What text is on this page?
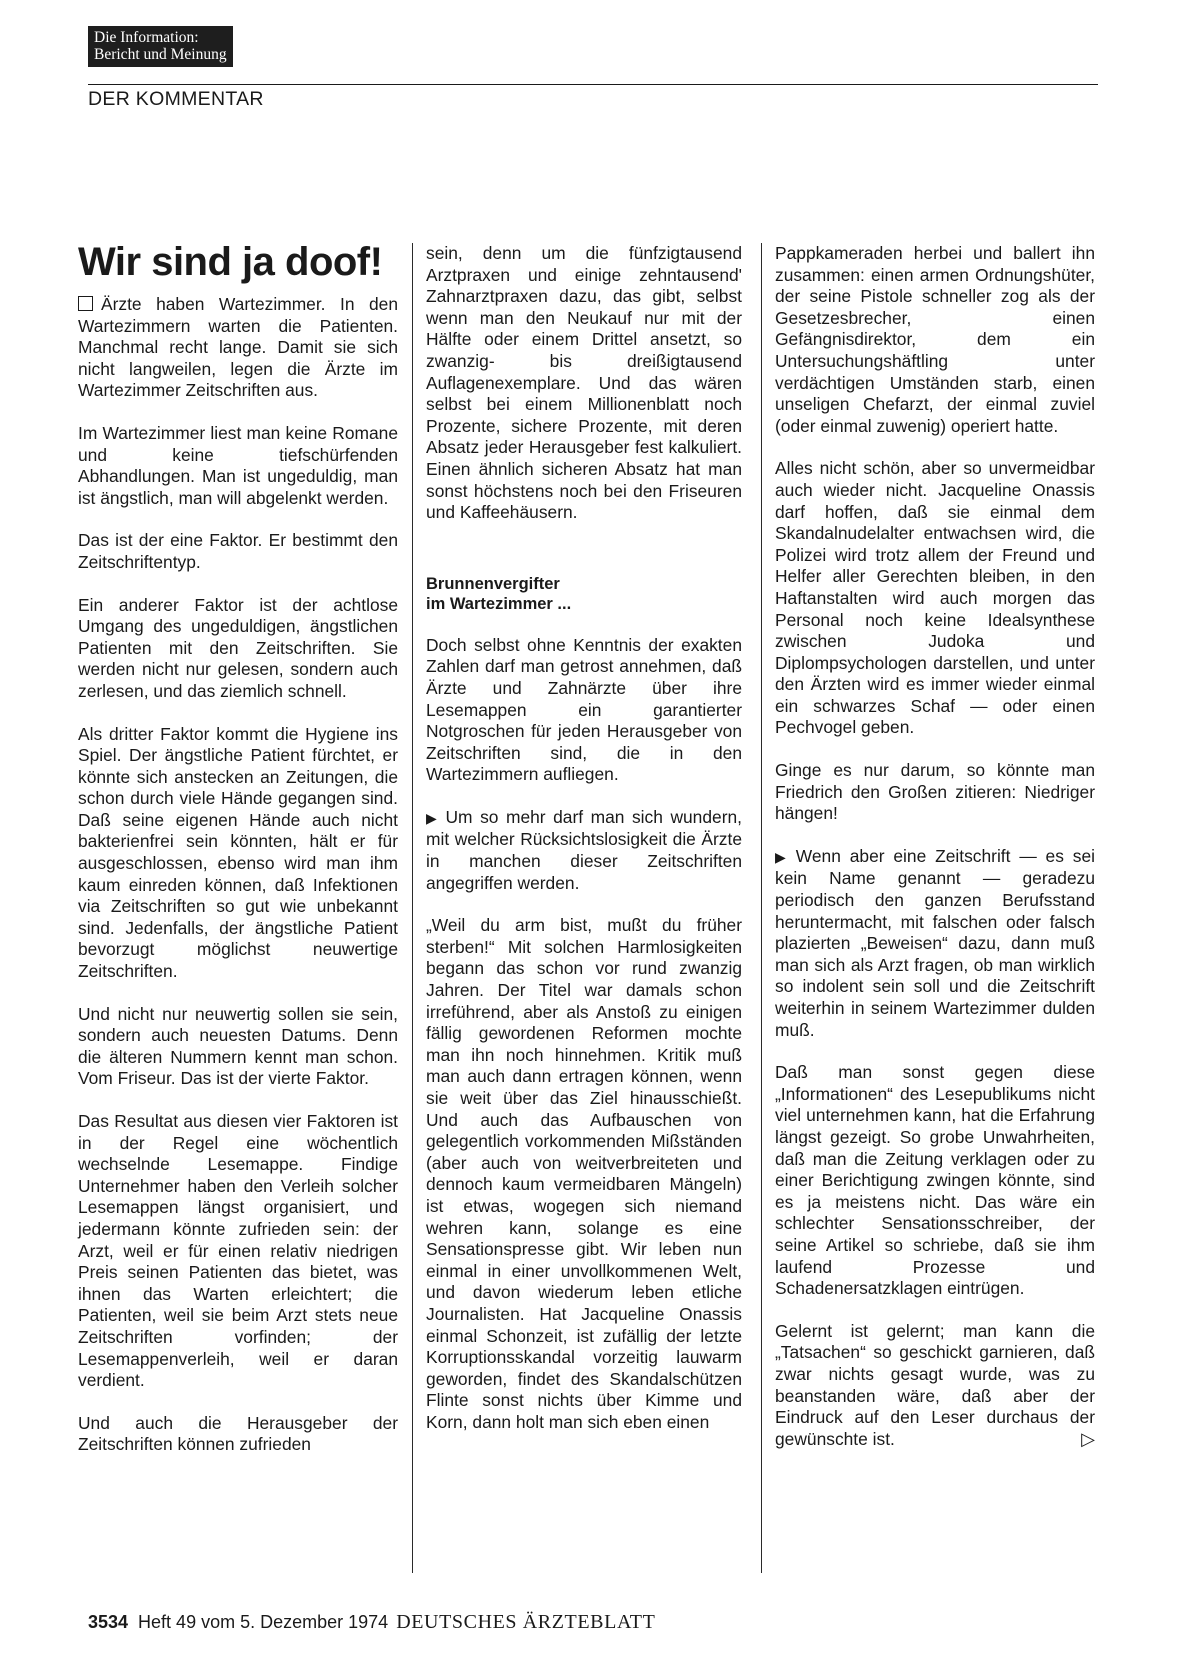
Die Information:
Bericht und Meinung
DER KOMMENTAR
Wir sind ja doof!

Ärzte haben Wartezimmer. In den Wartezimmern warten die Patienten. Manchmal recht lange. Damit sie sich nicht langweilen, legen die Ärzte im Wartezimmer Zeitschriften aus.

Im Wartezimmer liest man keine Romane und keine tiefschürfenden Abhandlungen. Man ist ungeduldig, man ist ängstlich, man will abgelenkt werden.

Das ist der eine Faktor. Er bestimmt den Zeitschriftentyp.

Ein anderer Faktor ist der achtlose Umgang des ungeduldigen, ängstlichen Patienten mit den Zeitschriften. Sie werden nicht nur gelesen, sondern auch zerlesen, und das ziemlich schnell.

Als dritter Faktor kommt die Hygiene ins Spiel. Der ängstliche Patient fürchtet, er könnte sich anstecken an Zeitungen, die schon durch viele Hände gegangen sind. Daß seine eigenen Hände auch nicht bakterienfrei sein könnten, hält er für ausgeschlossen, ebenso wird man ihm kaum einreden können, daß Infektionen via Zeitschriften so gut wie unbekannt sind. Jedenfalls, der ängstliche Patient bevorzugt möglichst neuwertige Zeitschriften.

Und nicht nur neuwertig sollen sie sein, sondern auch neuesten Datums. Denn die älteren Nummern kennt man schon. Vom Friseur. Das ist der vierte Faktor.

Das Resultat aus diesen vier Faktoren ist in der Regel eine wöchentlich wechselnde Lesemappe. Findige Unternehmer haben den Verleih solcher Lesemappen längst organisiert, und jedermann könnte zufrieden sein: der Arzt, weil er für einen relativ niedrigen Preis seinen Patienten das bietet, was ihnen das Warten erleichtert; die Patienten, weil sie beim Arzt stets neue Zeitschriften vorfinden; der Lesemappenverleih, weil er daran verdient.

Und auch die Herausgeber der Zeitschriften können zufrieden

sein, denn um die fünfzigtausend Arztpraxen und einige zehntausend' Zahnarztpraxen dazu, das gibt, selbst wenn man den Neukauf nur mit der Hälfte oder einem Drittel ansetzt, so zwanzig- bis dreißigtausend Auflagenexemplare. Und das wären selbst bei einem Millionenblatt noch Prozente, sichere Prozente, mit deren Absatz jeder Herausgeber fest kalkuliert. Einen ähnlich sicheren Absatz hat man sonst höchstens noch bei den Friseuren und Kaffeehäusern.

Brunnenvergifter
im Wartezimmer ...

Doch selbst ohne Kenntnis der exakten Zahlen darf man getrost annehmen, daß Ärzte und Zahnärzte über ihre Lesemappen ein garantierter Notgroschen für jeden Herausgeber von Zeitschriften sind, die in den Wartezimmern aufliegen.

▶ Um so mehr darf man sich wundern, mit welcher Rücksichtslosigkeit die Ärzte in manchen dieser Zeitschriften angegriffen werden.

„Weil du arm bist, mußt du früher sterben!“ Mit solchen Harmlosigkeiten begann das schon vor rund zwanzig Jahren. Der Titel war damals schon irreführend, aber als Anstoß zu einigen fällig gewordenen Reformen mochte man ihn noch hinnehmen. Kritik muß man auch dann ertragen können, wenn sie weit über das Ziel hinausschießt. Und auch das Aufbauschen von gelegentlich vorkommenden Mißständen (aber auch von weitverbreiteten und dennoch kaum vermeidbaren Mängeln) ist etwas, wogegen sich niemand wehren kann, solange es eine Sensationspresse gibt. Wir leben nun einmal in einer unvollkommenen Welt, und davon wiederum leben etliche Journalisten. Hat Jacqueline Onassis einmal Schonzeit, ist zufällig der letzte Korruptionsskandal vorzeitig lauwarm geworden, findet des Skandalschützen Flinte sonst nichts über Kimme und Korn, dann holt man sich eben einen

Pappkameraden herbei und ballert ihn zusammen: einen armen Ordnungshüter, der seine Pistole schneller zog als der Gesetzesbrecher, einen Gefängnisdirektor, dem ein Untersuchungshäftling unter verdächtigen Umständen starb, einen unseligen Chefarzt, der einmal zuviel (oder einmal zuwenig) operiert hatte.

Alles nicht schön, aber so unvermeidbar auch wieder nicht. Jacqueline Onassis darf hoffen, daß sie einmal dem Skandalnudelalter entwachsen wird, die Polizei wird trotz allem der Freund und Helfer aller Gerechten bleiben, in den Haftanstalten wird auch morgen das Personal noch keine Idealsynthese zwischen Judoka und Diplompsychologen darstellen, und unter den Ärzten wird es immer wieder einmal ein schwarzes Schaf — oder einen Pechvogel geben.

Ginge es nur darum, so könnte man Friedrich den Großen zitieren: Niedriger hängen!

▶ Wenn aber eine Zeitschrift — es sei kein Name genannt — geradezu periodisch den ganzen Berufsstand heruntermacht, mit falschen oder falsch plazierten „Beweisen“ dazu, dann muß man sich als Arzt fragen, ob man wirklich so indolent sein soll und die Zeitschrift weiterhin in seinem Wartezimmer dulden muß.

Daß man sonst gegen diese „Informationen“ des Lesepublikums nicht viel unternehmen kann, hat die Erfahrung längst gezeigt. So grobe Unwahrheiten, daß man die Zeitung verklagen oder zu einer Berichtigung zwingen könnte, sind es ja meistens nicht. Das wäre ein schlechter Sensationsschreiber, der seine Artikel so schriebe, daß sie ihm laufend Prozesse und Schadenersatzklagen eintrügen.

Gelernt ist gelernt; man kann die „Tatsachen“ so geschickt garnieren, daß zwar nichts gesagt wurde, was zu beanstanden wäre, daß aber der Eindruck auf den Leser durchaus der gewünschte ist.	▷

3534 Heft 49 vom 5. Dezember 1974 DEUTSCHES ÄRZTEBLATT
